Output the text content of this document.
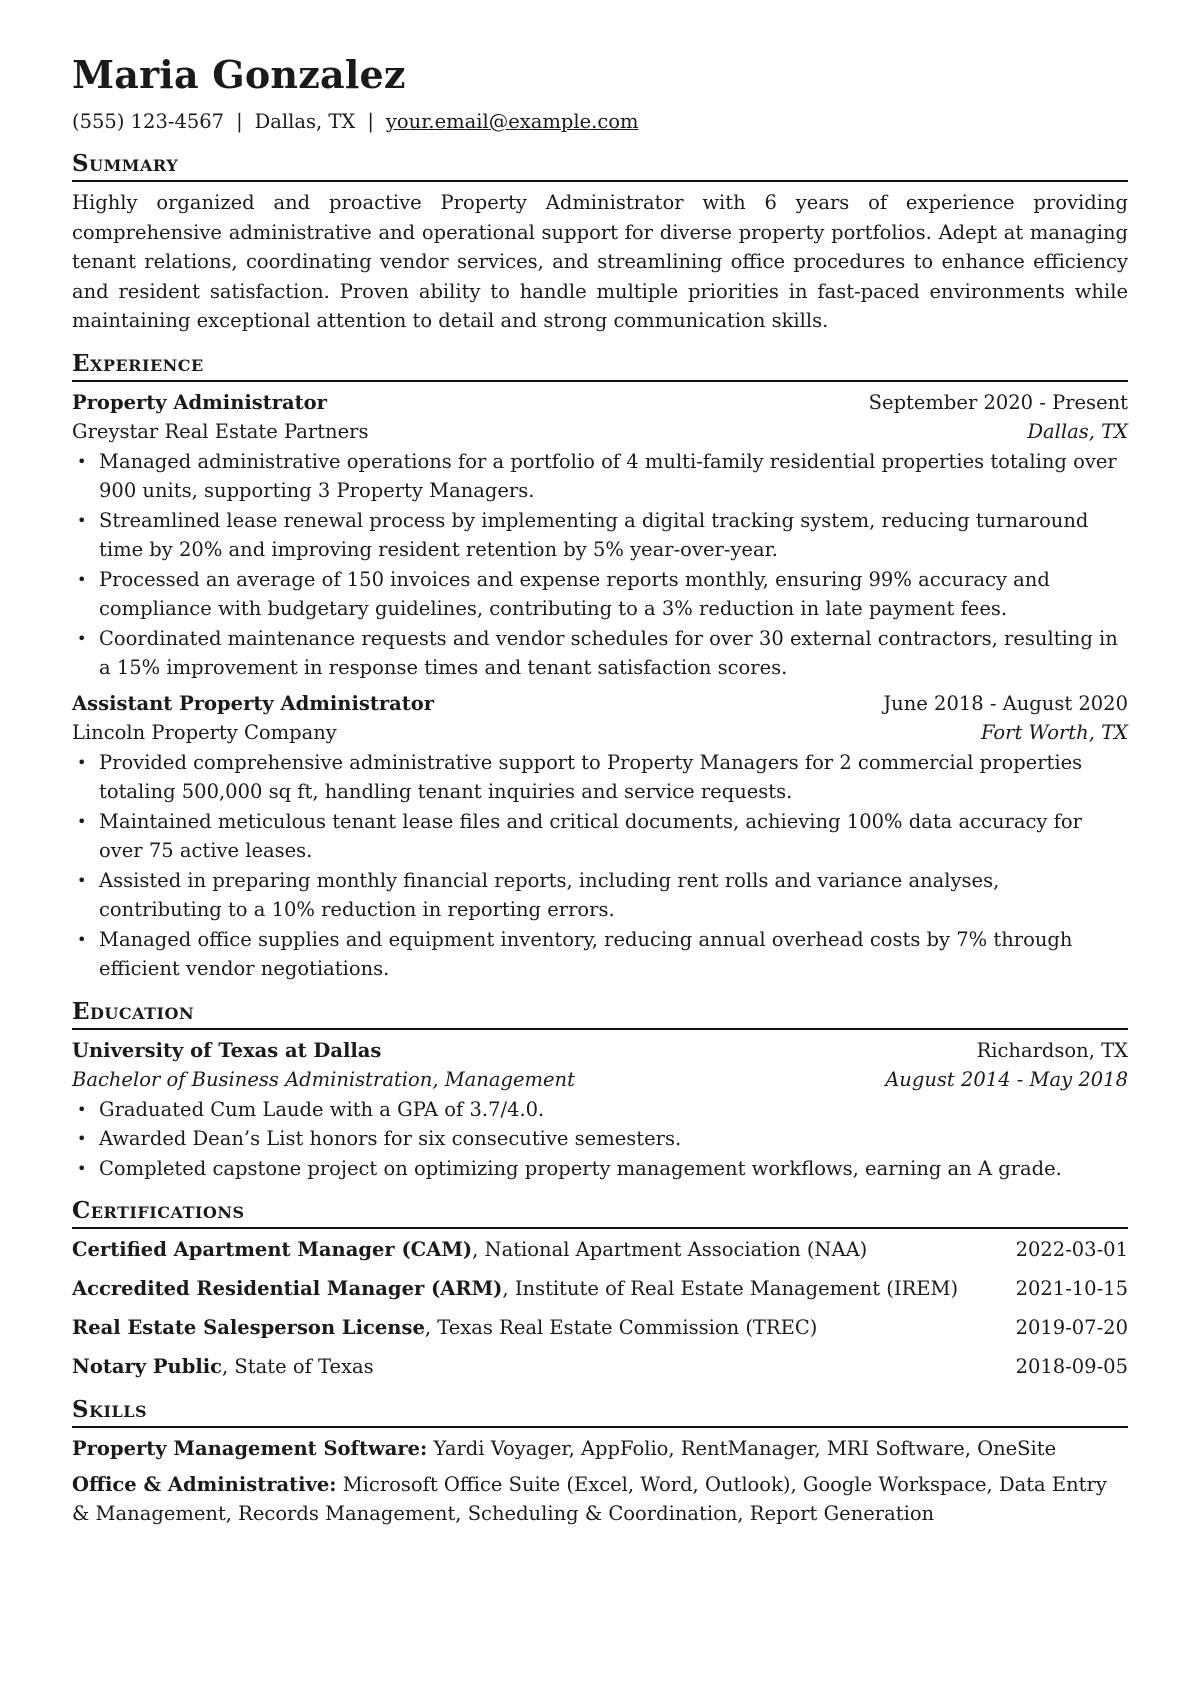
Maria Gonzalez
(555) 123-4567 | Dallas, TX | your.email@example.com
Summary
Highly organized and proactive Property Administrator with 6 years of experience providing comprehensive administrative and operational support for diverse property portfolios. Adept at managing tenant relations, coordinating vendor services, and streamlining office procedures to enhance efficiency and resident satisfaction. Proven ability to handle multiple priorities in fast-paced environments while maintaining exceptional attention to detail and strong communication skills.
Experience
Property Administrator	September 2020 - Present
Greystar Real Estate Partners	Dallas, TX
• Managed administrative operations for a portfolio of 4 multi-family residential properties totaling over 900 units, supporting 3 Property Managers.
• Streamlined lease renewal process by implementing a digital tracking system, reducing turnaround time by 20% and improving resident retention by 5% year-over-year.
• Processed an average of 150 invoices and expense reports monthly, ensuring 99% accuracy and compliance with budgetary guidelines, contributing to a 3% reduction in late payment fees.
• Coordinated maintenance requests and vendor schedules for over 30 external contractors, resulting in a 15% improvement in response times and tenant satisfaction scores.
Assistant Property Administrator	June 2018 - August 2020
Lincoln Property Company	Fort Worth, TX
• Provided comprehensive administrative support to Property Managers for 2 commercial properties totaling 500,000 sq ft, handling tenant inquiries and service requests.
• Maintained meticulous tenant lease files and critical documents, achieving 100% data accuracy for over 75 active leases.
• Assisted in preparing monthly financial reports, including rent rolls and variance analyses, contributing to a 10% reduction in reporting errors.
• Managed office supplies and equipment inventory, reducing annual overhead costs by 7% through efficient vendor negotiations.
Education
University of Texas at Dallas	Richardson, TX
Bachelor of Business Administration, Management	August 2014 - May 2018
• Graduated Cum Laude with a GPA of 3.7/4.0.
• Awarded Dean’s List honors for six consecutive semesters.
• Completed capstone project on optimizing property management workflows, earning an A grade.
Certifications
Certified Apartment Manager (CAM), National Apartment Association (NAA)	2022-03-01
Accredited Residential Manager (ARM), Institute of Real Estate Management (IREM)	2021-10-15
Real Estate Salesperson License, Texas Real Estate Commission (TREC)	2019-07-20
Notary Public, State of Texas	2018-09-05
Skills
Property Management Software: Yardi Voyager, AppFolio, RentManager, MRI Software, OneSite
Office & Administrative: Microsoft Office Suite (Excel, Word, Outlook), Google Workspace, Data Entry & Management, Records Management, Scheduling & Coordination, Report Generation
